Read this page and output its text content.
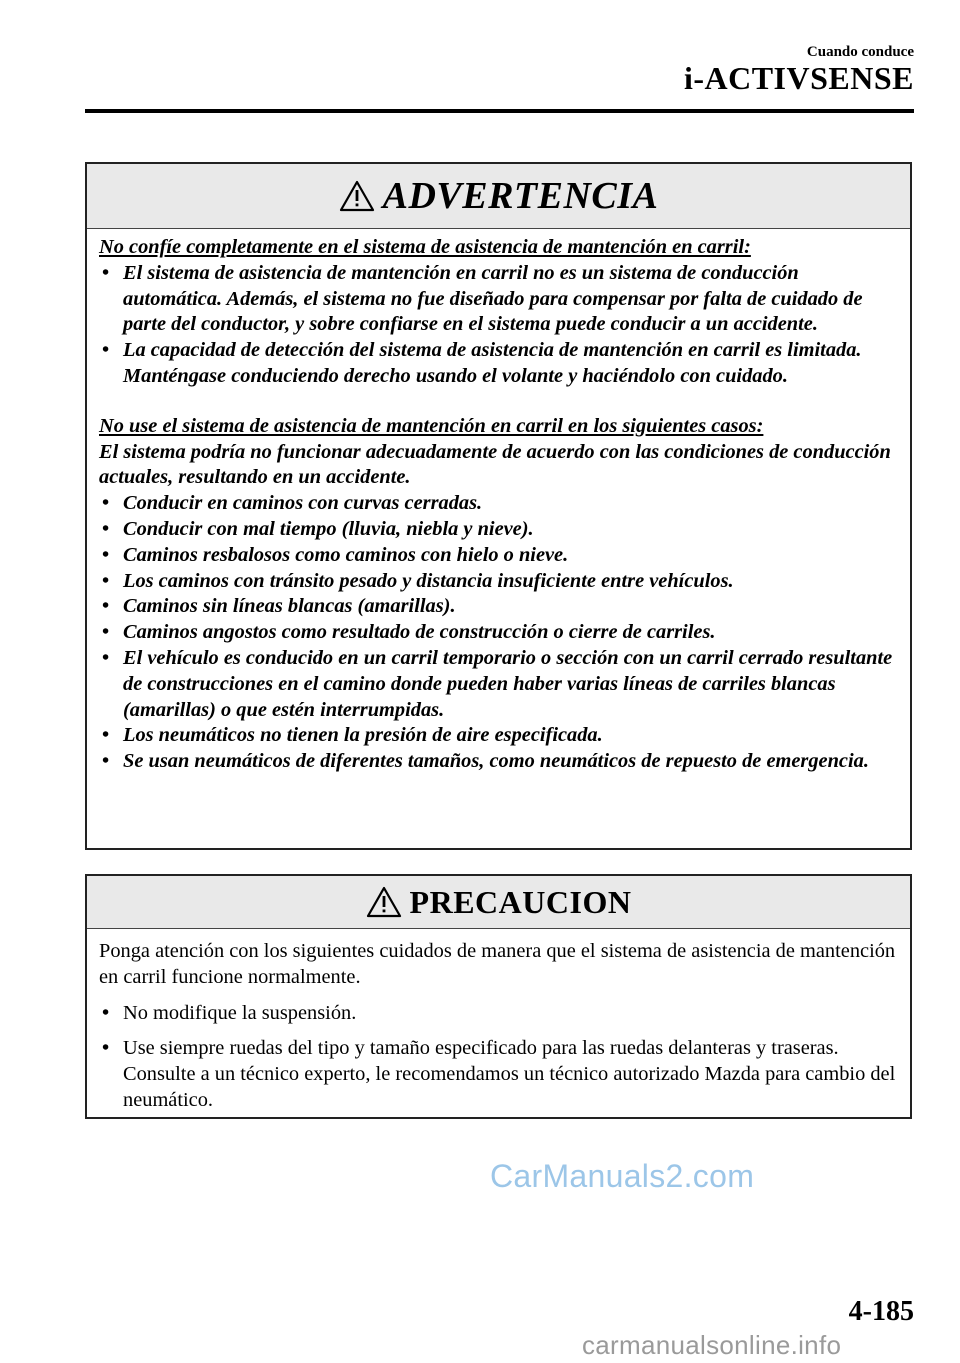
Cuando conduce
i-ACTIVSENSE
ADVERTENCIA
No confíe completamente en el sistema de asistencia de mantención en carril:
• El sistema de asistencia de mantención en carril no es un sistema de conducción automática. Además, el sistema no fue diseñado para compensar por falta de cuidado de parte del conductor, y sobre confiarse en el sistema puede conducir a un accidente.
• La capacidad de detección del sistema de asistencia de mantención en carril es limitada. Manténgase conduciendo derecho usando el volante y haciéndolo con cuidado.
No use el sistema de asistencia de mantención en carril en los siguientes casos:
El sistema podría no funcionar adecuadamente de acuerdo con las condiciones de conducción actuales, resultando en un accidente.
• Conducir en caminos con curvas cerradas.
• Conducir con mal tiempo (lluvia, niebla y nieve).
• Caminos resbalosos como caminos con hielo o nieve.
• Los caminos con tránsito pesado y distancia insuficiente entre vehículos.
• Caminos sin líneas blancas (amarillas).
• Caminos angostos como resultado de construcción o cierre de carriles.
• El vehículo es conducido en un carril temporario o sección con un carril cerrado resultante de construcciones en el camino donde pueden haber varias líneas de carriles blancas (amarillas) o que estén interrumpidas.
• Los neumáticos no tienen la presión de aire especificada.
• Se usan neumáticos de diferentes tamaños, como neumáticos de repuesto de emergencia.
PRECAUCION
Ponga atención con los siguientes cuidados de manera que el sistema de asistencia de mantención en carril funcione normalmente.
• No modifique la suspensión.
• Use siempre ruedas del tipo y tamaño especificado para las ruedas delanteras y traseras. Consulte a un técnico experto, le recomendamos un técnico autorizado Mazda para cambio del neumático.
CarManuals2.com
4-185
carmanualsonline.info
